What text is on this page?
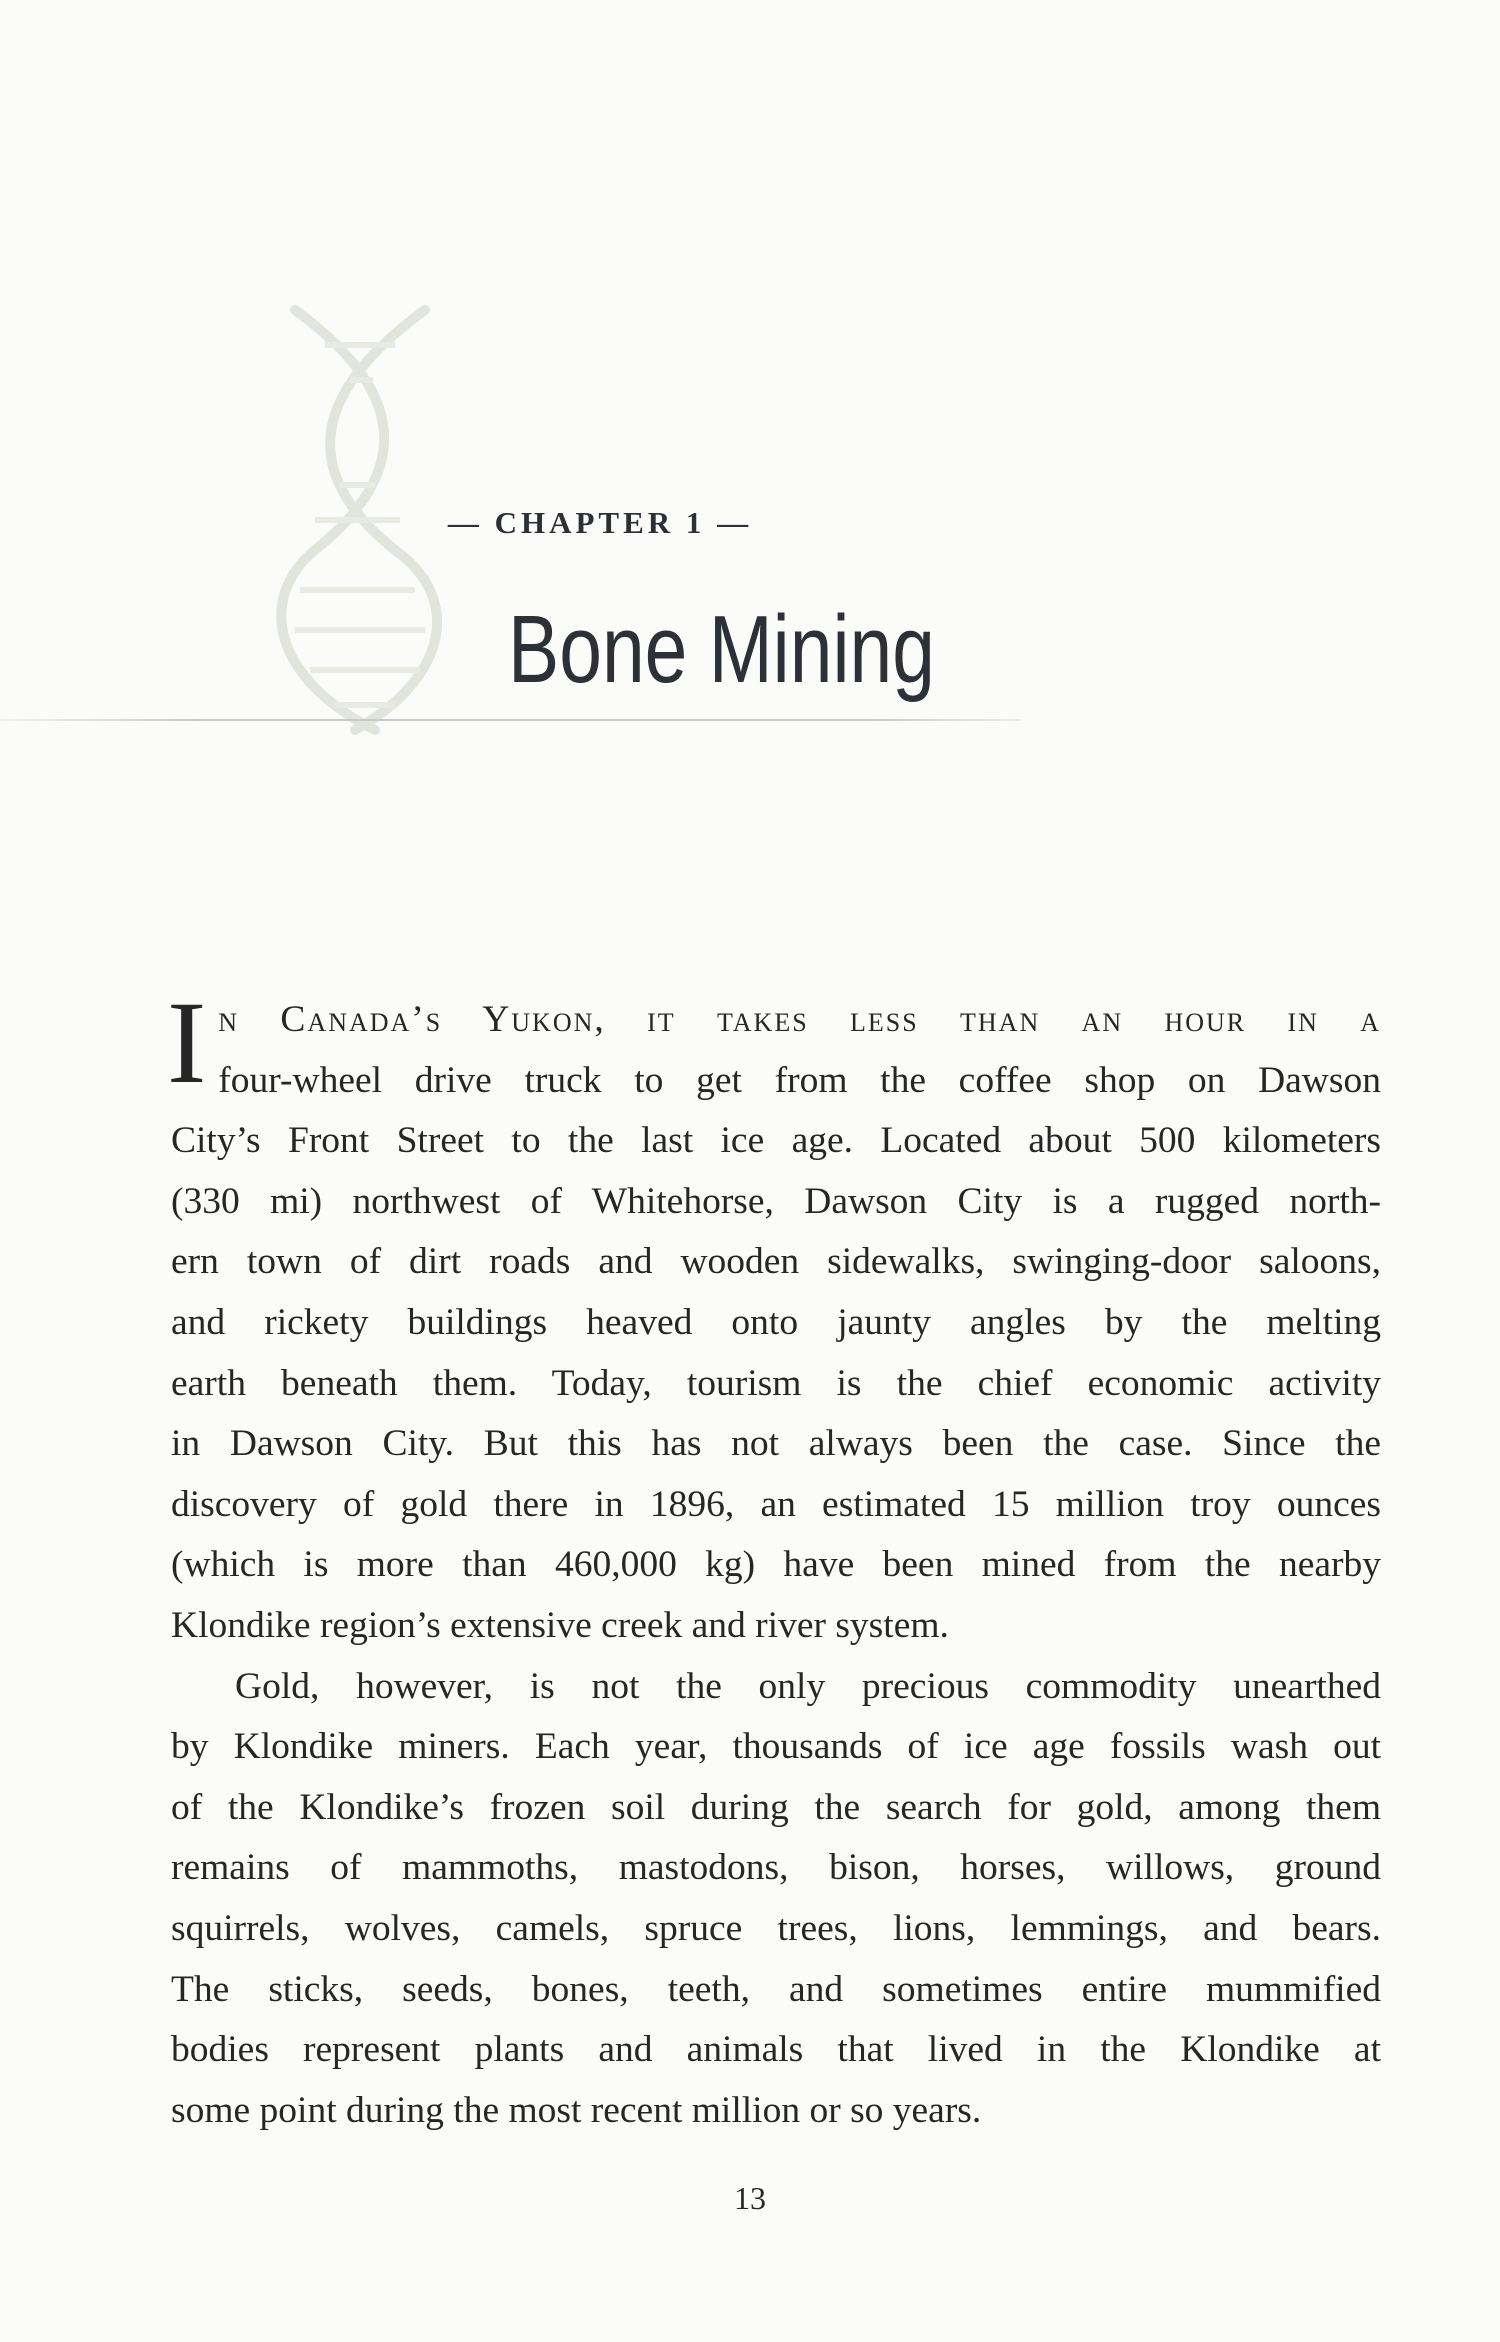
— CHAPTER 1 —
Bone Mining
I n Canada’s Yukon, it takes less than an hour in a
four-wheel drive truck to get from the coffee shop on Dawson
City’s Front Street to the last ice age. Located about 500 kilometers
(330 mi) northwest of Whitehorse, Dawson City is a rugged north-
ern town of dirt roads and wooden sidewalks, swinging-door saloons,
and rickety buildings heaved onto jaunty angles by the melting
earth beneath them. Today, tourism is the chief economic activity
in Dawson City. But this has not always been the case. Since the
discovery of gold there in 1896, an estimated 15 million troy ounces
(which is more than 460,000 kg) have been mined from the nearby
Klondike region’s extensive creek and river system.
Gold, however, is not the only precious commodity unearthed
by Klondike miners. Each year, thousands of ice age fossils wash out
of the Klondike’s frozen soil during the search for gold, among them
remains of mammoths, mastodons, bison, horses, willows, ground
squirrels, wolves, camels, spruce trees, lions, lemmings, and bears.
The sticks, seeds, bones, teeth, and sometimes entire mummified
bodies represent plants and animals that lived in the Klondike at
some point during the most recent million or so years.
13
